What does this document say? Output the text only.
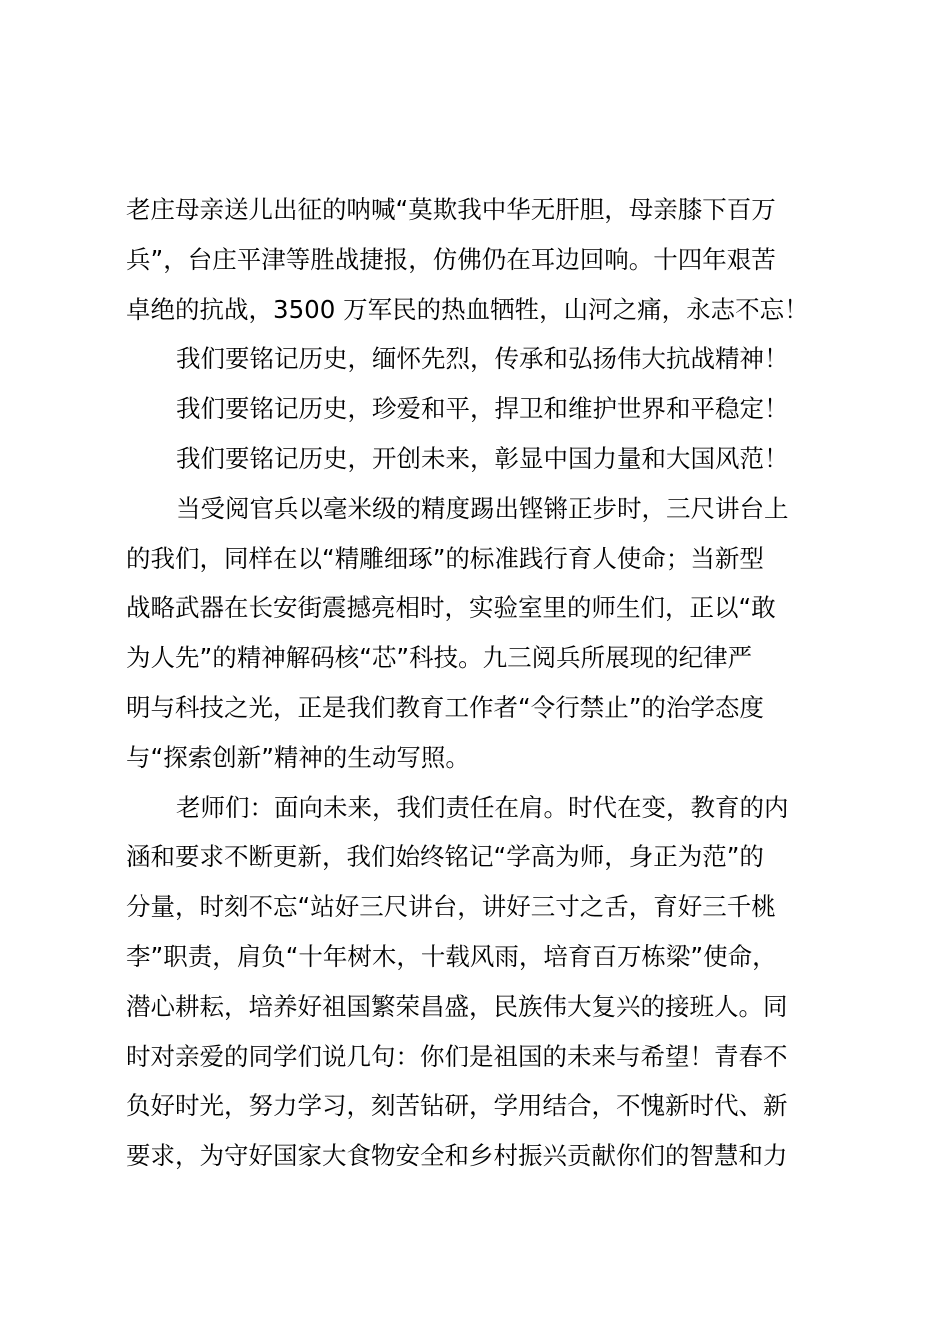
老庄母亲送儿出征的呐喊“莫欺我中华无肝胆，母亲膝下百万
兵”，台庄平津等胜战捷报，仿佛仍在耳边回响。十四年艰苦
卓绝的抗战，3500 万军民的热血牺牲，山河之痛，永志不忘！
我们要铭记历史，缅怀先烈，传承和弘扬伟大抗战精神！
我们要铭记历史，珍爱和平，捍卫和维护世界和平稳定！
我们要铭记历史，开创未来，彰显中国力量和大国风范！
当受阅官兵以毫米级的精度踢出铿锵正步时，三尺讲台上
的我们，同样在以“精雕细琢”的标准践行育人使命；当新型
战略武器在长安街震撼亮相时，实验室里的师生们，正以“敢
为人先”的精神解码核“芯”科技。九三阅兵所展现的纪律严
明与科技之光，正是我们教育工作者“令行禁止”的治学态度
与“探索创新”精神的生动写照。
老师们：面向未来，我们责任在肩。时代在变，教育的内
涵和要求不断更新，我们始终铭记“学高为师，身正为范”的
分量，时刻不忘“站好三尺讲台，讲好三寸之舌，育好三千桃
李”职责，肩负“十年树木，十载风雨，培育百万栋梁”使命，
潜心耕耘，培养好祖国繁荣昌盛，民族伟大复兴的接班人。同
时对亲爱的同学们说几句：你们是祖国的未来与希望！青春不
负好时光，努力学习，刻苦钻研，学用结合，不愧新时代、新
要求，为守好国家大食物安全和乡村振兴贡献你们的智慧和力
